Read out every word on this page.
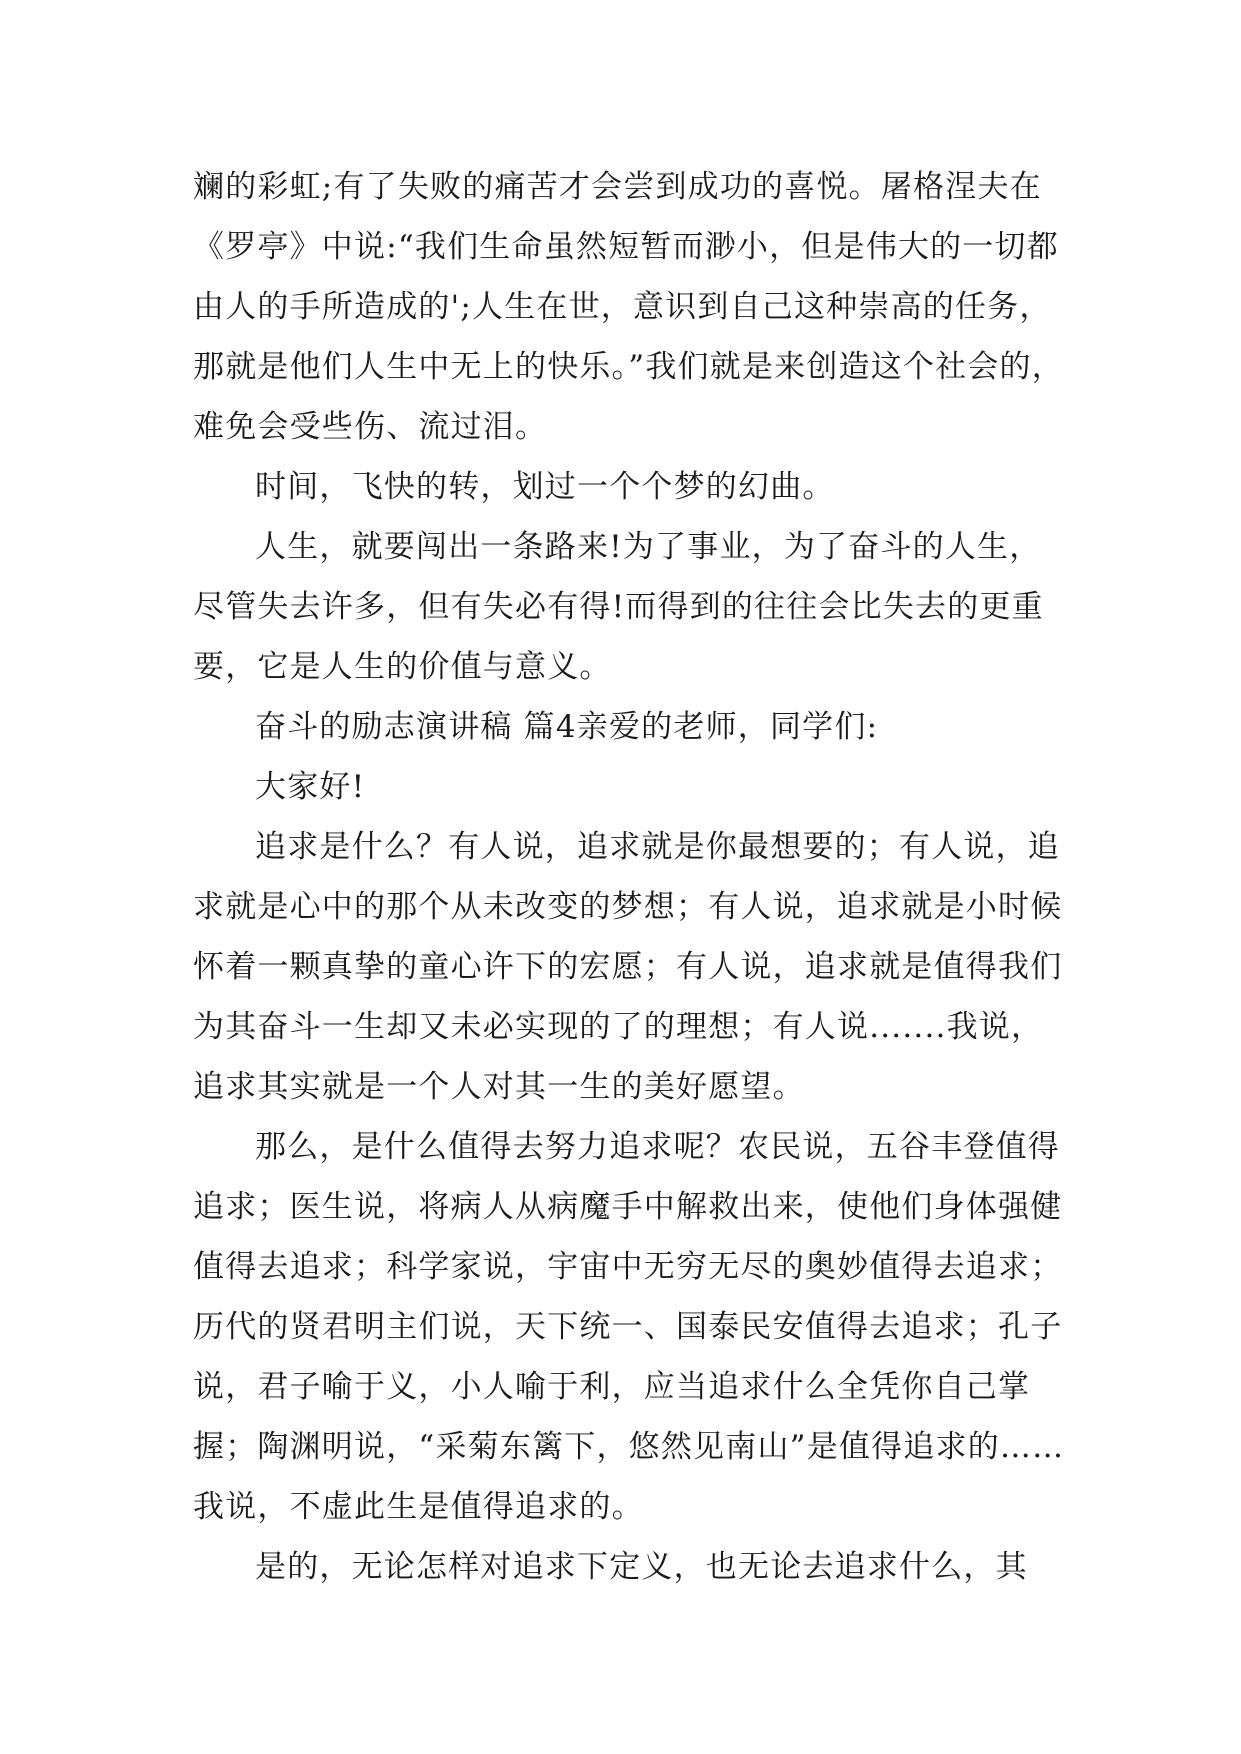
斓的彩虹;有了失败的痛苦才会尝到成功的喜悦。屠格涅夫在《罗亭》中说:“我们生命虽然短暂而渺小，但是伟大的一切都由人的手所造成的';人生在世，意识到自己这种崇高的任务，那就是他们人生中无上的快乐。”我们就是来创造这个社会的，难免会受些伤、流过泪。

时间，飞快的转，划过一个个梦的幻曲。

人生，就要闯出一条路来!为了事业，为了奋斗的人生，尽管失去许多，但有失必有得!而得到的往往会比失去的更重要，它是人生的价值与意义。

奋斗的励志演讲稿 篇4亲爱的老师，同学们:

大家好!

追求是什么？有人说，追求就是你最想要的；有人说，追求就是心中的那个从未改变的梦想；有人说，追求就是小时候怀着一颗真挚的童心许下的宏愿；有人说，追求就是值得我们为其奋斗一生却又未必实现的了的理想；有人说.......我说，追求其实就是一个人对其一生的美好愿望。

那么，是什么值得去努力追求呢？农民说，五谷丰登值得追求；医生说，将病人从病魔手中解救出来，使他们身体强健值得去追求；科学家说，宇宙中无穷无尽的奥妙值得去追求；历代的贤君明主们说，天下统一、国泰民安值得去追求；孔子说，君子喻于义，小人喻于利，应当追求什么全凭你自己掌握；陶渊明说，“采菊东篱下，悠然见南山”是值得追求的……我说，不虚此生是值得追求的。

是的，无论怎样对追求下定义，也无论去追求什么，其
